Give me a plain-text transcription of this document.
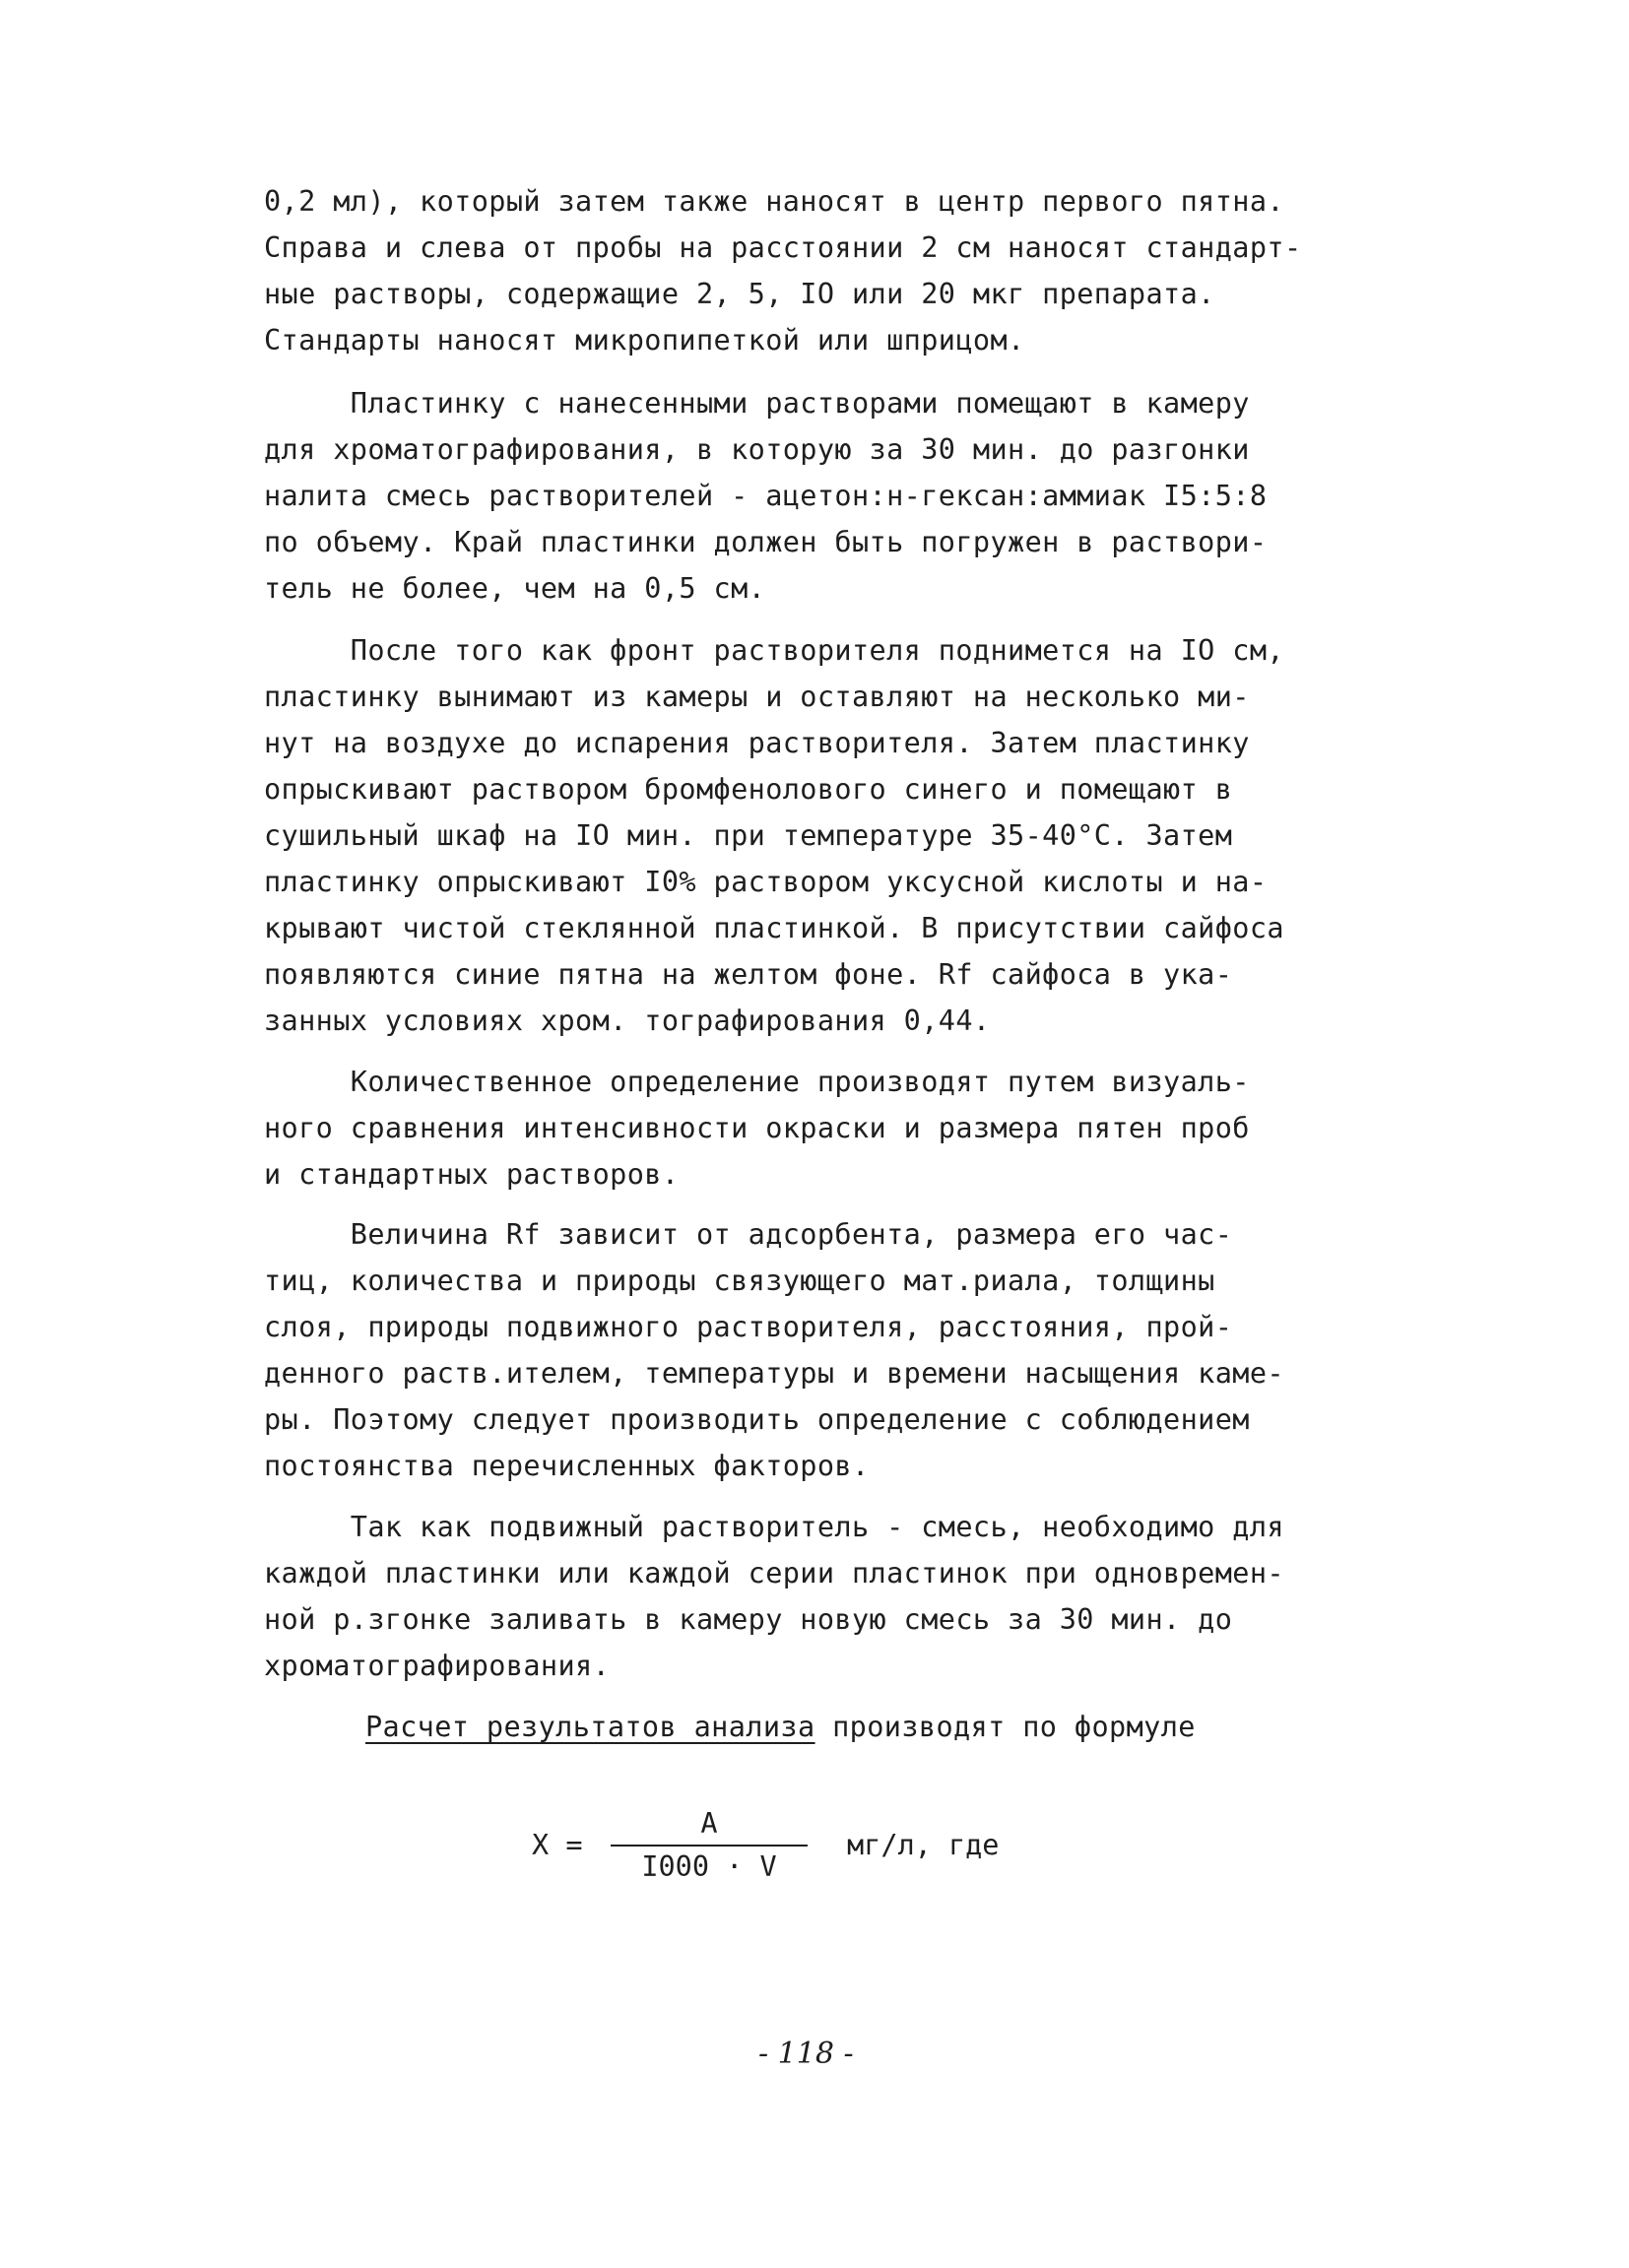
0,2 мл), который затем также наносят в центр первого пятна.
Справа и слева от пробы на расстоянии 2 см наносят стандарт-
ные растворы, содержащие 2, 5, IO или 20 мкг препарата.
Стандарты наносят микропипеткой или шприцом.
Пластинку с нанесенными растворами помещают в камеру
для хроматографирования, в которую за 30 мин. до разгонки
налита смесь растворителей - ацетон:н-гексан:аммиак I5:5:8
по объему. Край пластинки должен быть погружен в раствори-
тель не более, чем на 0,5 см.
После того как фронт растворителя поднимется на IO см,
пластинку вынимают из камеры и оставляют на несколько ми-
нут на воздухе до испарения растворителя. Затем пластинку
опрыскивают раствором бромфенолового синего и помещают в
сушильный шкаф на IO мин. при температуре 35-40°С. Затем
пластинку опрыскивают I0% раствором уксусной кислоты и на-
крывают чистой стеклянной пластинкой. В присутствии сайфоса
появляются синие пятна на желтом фоне. Rf сайфоса в ука-
занных условиях хром. тографирования 0,44.
Количественное определение производят путем визуаль-
ного сравнения интенсивности окраски и размера пятен проб
и стандартных растворов.
Величина Rf зависит от адсорбента, размера его час-
тиц, количества и природы связующего мат.риала, толщины
слоя, природы подвижного растворителя, расстояния, прой-
денного раств.ителем, температуры и времени насыщения каме-
ры. Поэтому следует производить определение с соблюдением
постоянства перечисленных факторов.
Так как подвижный растворитель - смесь, необходимо для
каждой пластинки или каждой серии пластинок при одновремен-
ной р.згонке заливать в камеру новую смесь за 30 мин. до
хроматографирования.
Расчет результатов анализа производят по формуле
X =
A
I000 · V
мг/л, где
- 118 -
